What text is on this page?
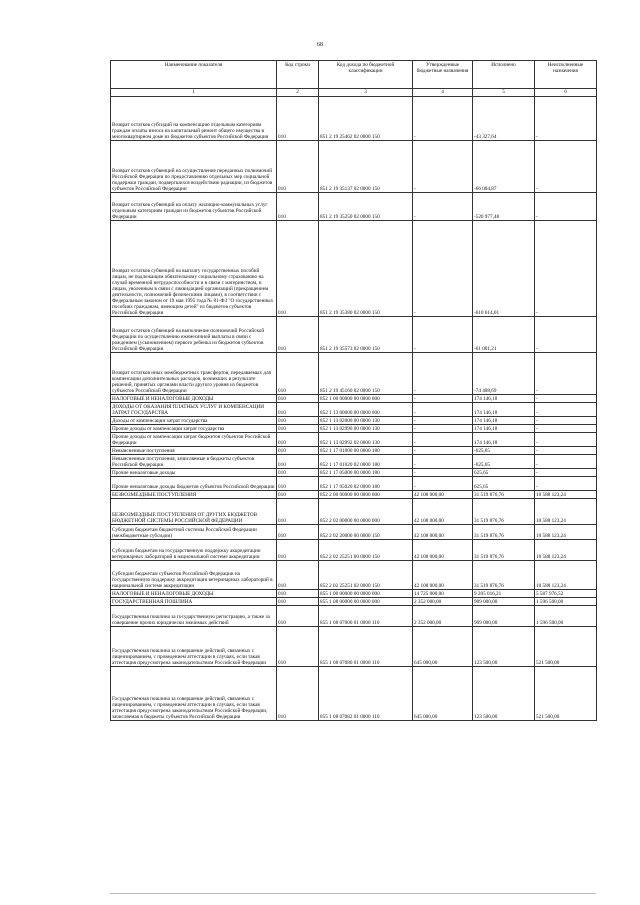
68
Наименование показателя	Код строки	Код дохода по бюджетной классификации	Утвержденные бюджетные назначения	Исполнено	Неисполненные назначения
1	2	3	4	5	6
Возврат остатков субсидий на компенсацию отдельным категориям граждан оплаты взноса на капитальный ремонт общего имущества в многоквартирном доме из бюджетов субъектов Российской Федерации	010	851 2 19 25462 02 0000 150	-	-43 327,64	-
Возврат остатков субвенций на осуществление переданных полномочий Российской Федерации по предоставлению отдельных мер социальной поддержки граждан, подвергшихся воздействию радиации, из бюджетов субъектов Российской Федерации	010	851 2 19 35137 02 0000 150	-	-66 004,87	-
Возврат остатков субвенций на оплату жилищно-коммунальных услуг отдельным категориям граждан из бюджетов субъектов Российской Федерации	010	851 2 19 35250 02 0000 150	-	-520 977,48	-
Возврат остатков субвенций на выплату государственных пособий лицам, не подлежащим обязательному социальному страхованию на случай временной нетрудоспособности и в связи с материнством, и лицам, уволенным в связи с ликвидацией организаций (прекращением деятельности, полномочий физическими лицами), в соответствии с Федеральным законом от 19 мая 1995 года № 81-ФЗ "О государственных пособиях гражданам, имеющим детей" из бюджетов субъектов Российской Федерации	010	851 2 19 35380 02 0000 150	-	-610 614,01	-
Возврат остатков субвенций на выполнение полномочий Российской Федерации по осуществлению ежемесячной выплаты в связи с рождением (усыновлением) первого ребенка из бюджетов субъектов Российской Федерации	010	851 2 19 35573 02 0000 150	-	-61 001,21	-
Возврат остатков иных межбюджетных трансфертов, передаваемых для компенсации дополнительных расходов, возникших в результате решений, принятых органами власти другого уровня из бюджетов субъектов Российской Федерации	010	851 2 19 45160 02 0000 150	-	-74 408,69	-
НАЛОГОВЫЕ И НЕНАЛОГОВЫЕ ДОХОДЫ	010	852 1 00 00000 00 0000 000	-	174 146,18	-
ДОХОДЫ ОТ ОКАЗАНИЯ ПЛАТНЫХ УСЛУГ И КОМПЕНСАЦИИ ЗАТРАТ ГОСУДАРСТВА	010	852 1 13 00000 00 0000 000	-	174 146,18	-
Доходы от компенсации затрат государства	010	852 1 13 02000 00 0000 130	-	174 146,18	-
Прочие доходы от компенсации затрат государства	010	852 1 13 02990 00 0000 130	-	174 146,18	-
Прочие доходы от компенсации затрат бюджетов субъектов Российской Федерации	010	852 1 13 02992 02 0000 130	-	174 146,18	-
Невыясненные поступления	010	852 1 17 01000 00 0000 180	-	-625,65	-
Невыясненные поступления, зачисляемые в бюджеты субъектов Российской Федерации	010	852 1 17 01020 02 0000 180	-	-625,65	-
Прочие неналоговые доходы	010	852 1 17 05000 00 0000 180	-	625,65	-
Прочие неналоговые доходы бюджетов субъектов Российской Федерации	010	852 1 17 05020 02 0000 180	-	625,65	-
БЕЗВОЗМЕЗДНЫЕ ПОСТУПЛЕНИЯ	010	852 2 00 00000 00 0000 000	42 108 000,00	31 519 876,76	10 588 123,24
БЕЗВОЗМЕЗДНЫЕ ПОСТУПЛЕНИЯ ОТ ДРУГИХ БЮДЖЕТОВ БЮДЖЕТНОЙ СИСТЕМЫ РОССИЙСКОЙ ФЕДЕРАЦИИ	010	852 2 02 00000 00 0000 000	42 108 000,00	31 519 876,76	10 588 123,24
Субсидии бюджетам бюджетной системы Российской Федерации (межбюджетные субсидии)	010	852 2 02 20000 00 0000 150	42 108 000,00	31 519 876,76	10 588 123,24
Субсидии бюджетам на государственную поддержку аккредитации ветеринарных лабораторий в национальной системе аккредитации	010	852 2 02 25251 00 0000 150	42 108 000,00	31 519 876,76	10 588 123,24
Субсидии бюджетам субъектов Российской Федерации на государственную поддержку аккредитации ветеринарных лабораторий в национальной системе аккредитации	010	852 2 02 25251 02 0000 150	42 108 000,00	31 519 876,76	10 588 123,24
НАЛОГОВЫЕ И НЕНАЛОГОВЫЕ ДОХОДЫ	010	855 1 00 00000 00 0000 000	14 725 000,00	9 205 016,21	5 587 976,52
ГОСУДАРСТВЕННАЯ ПОШЛИНА	010	855 1 08 00000 00 0000 000	2 352 000,00	909 000,00	1 596 500,00
Государственная пошлина за государственную регистрацию, а также за совершение прочих юридически значимых действий	010	855 1 08 07000 01 0000 110	2 352 000,00	909 000,00	1 596 500,00
Государственная пошлина за совершение действий, связанных с лицензированием, с проведением аттестации в случаях, если такая аттестация предусмотрена законодательством Российской Федерации	010	855 1 08 07080 01 0000 110	645 000,00	123 500,00	521 500,00
Государственная пошлина за совершение действий, связанных с лицензированием, с проведением аттестации в случаях, если такая аттестация предусмотрена законодательством Российской Федерации, зачисляемая в бюджеты субъектов Российской Федерации	010	855 1 08 07082 01 0000 110	645 000,00	123 500,00	521 500,00
